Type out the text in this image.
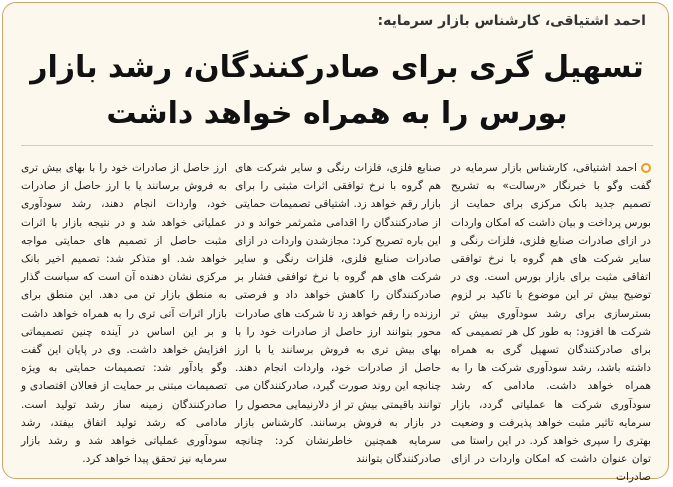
احمد اشتیاقی، کارشناس بازار سرمایه:
تسهیل گری برای صادرکنندگان، رشد بازار بورس را به همراه خواهد داشت

احمد اشتیاقی، کارشناس بازار سرمایه در گفت وگو با خبرنگار «رسالت» به تشریح تصمیم جدید بانک مرکزی برای حمایت از بورس پرداخت و بیان داشت که امکان واردات در ازای صادرات صنایع فلزی، فلزات رنگی و سایر شرکت های هم گروه با نرخ توافقی اتفاقی مثبت برای بازار بورس است. وی در توضیح بیش تر این موضوع با تاکید بر لزوم بسترسازی برای رشد سودآوری بیش تر شرکت ها افزود: به طور کل هر تصمیمی که برای صادرکنندگان تسهیل گری به همراه داشته باشد، رشد سودآوری شرکت ها را به همراه خواهد داشت. مادامی که رشد سودآوری شرکت ها عملیاتی گردد، بازار سرمایه تاثیر مثبت خواهد پذیرفت و وضعیت بهتری را سپری خواهد کرد. در این راستا می توان عنوان داشت که امکان واردات در ازای صادرات

صنایع فلزی، فلزات رنگی و سایر شرکت های هم گروه با نرخ توافقی اثرات مثبتی را برای بازار رقم خواهد زد. اشتیاقی تصمیمات حمایتی از صادرکنندگان را اقدامی مثمرثمر خواند و در این باره تصریح کرد: مجازشدن واردات در ازای صادرات صنایع فلزی، فلزات رنگی و سایر شرکت های هم گروه با نرخ توافقی فشار بر صادرکنندگان را کاهش خواهد داد و فرصتی ارزنده را رقم خواهد زد تا شرکت های صادرات محور بتوانند ارز حاصل از صادرات خود را با بهای بیش تری به فروش برسانند یا با ارز حاصل از صادرات خود، واردات انجام دهند. چنانچه این روند صورت گیرد، صادرکنندگان می توانند باقیمتی بیش تر از دلارنیمایی محصول را در بازار به فروش برسانند. کارشناس بازار سرمایه همچنین خاطرنشان کرد: چنانچه صادرکنندگان بتوانند

ارز حاصل از صادرات خود را با بهای بیش تری به فروش برسانند یا با ارز حاصل از صادرات خود، واردات انجام دهند، رشد سودآوری عملیاتی خواهد شد و در نتیجه بازار با اثرات مثبت حاصل از تصمیم های حمایتی مواجه خواهد شد. او متذکر شد: تصمیم اخیر بانک مرکزی نشان دهنده آن است که سیاست گذار به منطق بازار تن می دهد. این منطق برای بازار اثرات آتی تری را به همراه خواهد داشت و بر این اساس در آینده چنین تصمیماتی افزایش خواهد داشت. وی در پایان این گفت وگو یادآور شد: تصمیمات حمایتی به ویژه تصمیمات مبتنی بر حمایت از فعالان اقتصادی و صادرکنندگان زمینه ساز رشد تولید است. مادامی که رشد تولید اتفاق بیفتد، رشد سودآوری عملیاتی خواهد شد و رشد بازار سرمایه نیز تحقق پیدا خواهد کرد.
